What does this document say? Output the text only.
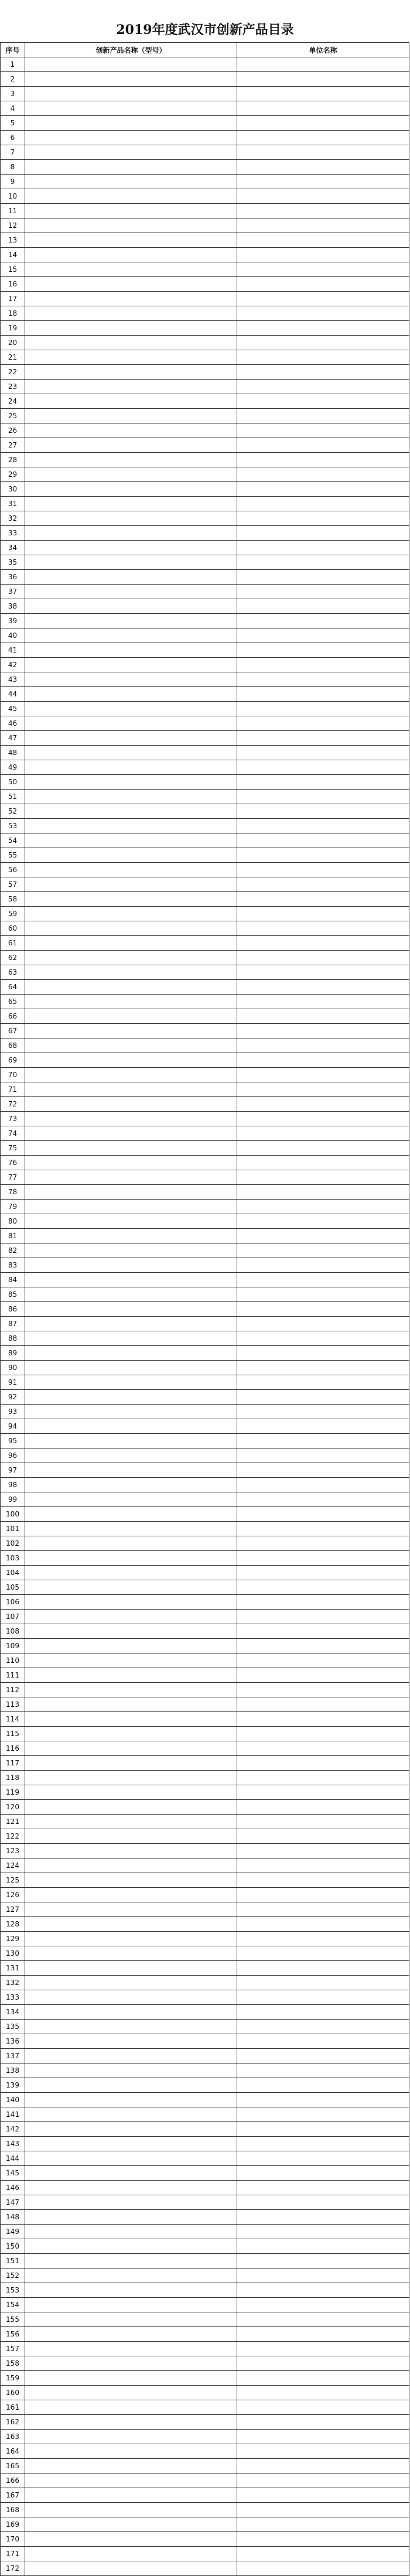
2019年度武汉市创新产品目录
序号	创新产品名称（型号）	单位名称
1		
2		
3		
4		
5		
6		
7		
8		
9		
10		
11		
12		
13		
14		
15		
16		
17		
18		
19		
20		
21		
22		
23		
24		
25		
26		
27		
28		
29		
30		
31		
32		
33		
34		
35		
36		
37		
38		
39		
40		
41		
42		
43		
44		
45		
46		
47		
48		
49		
50		
51		
52		
53		
54		
55		
56		
57		
58		
59		
60		
61		
62		
63		
64		
65		
66		
67		
68		
69		
70		
71		
72		
73		
74		
75		
76		
77		
78		
79		
80		
81		
82		
83		
84		
85		
86		
87		
88		
89		
90		
91		
92		
93		
94		
95		
96		
97		
98		
99		
100		
101		
102		
103		
104		
105		
106		
107		
108		
109		
110		
111		
112		
113		
114		
115		
116		
117		
118		
119		
120		
121		
122		
123		
124		
125		
126		
127		
128		
129		
130		
131		
132		
133		
134		
135		
136		
137		
138		
139		
140		
141		
142		
143		
144		
145		
146		
147		
148		
149		
150		
151		
152		
153		
154		
155		
156		
157		
158		
159		
160		
161		
162		
163		
164		
165		
166		
167		
168		
169		
170		
171		
172		
